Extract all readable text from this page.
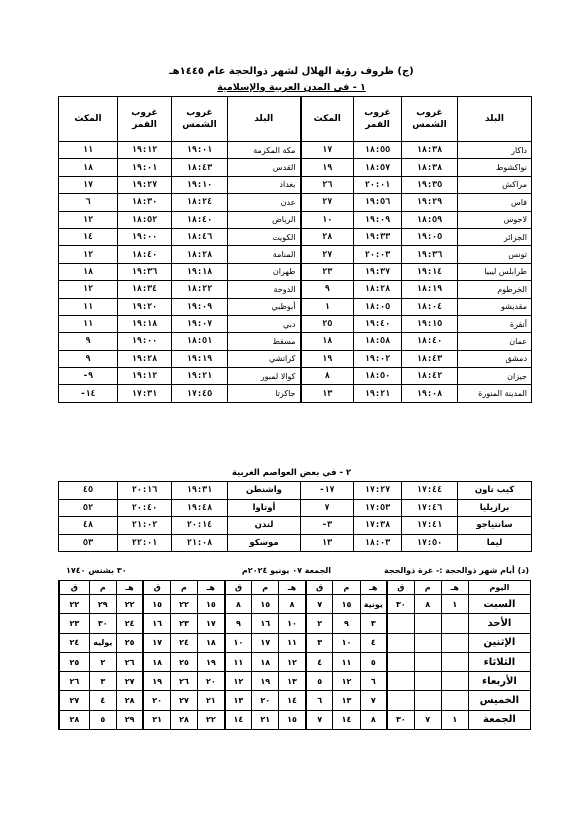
(ج) ظروف رؤية الهلال لشهر ذوالحجة عام ١٤٤٥هـ
١ - في المدن العربية والإسلامية
البلد	غروب الشمس	غروب القمر	المكث	البلد	غروب الشمس	غروب القمر	المكث
داكار	١٨:٣٨	١٨:٥٥	١٧	مكة المكرمة	١٩:٠١	١٩:١٢	١١
نواكشوط	١٨:٣٨	١٨:٥٧	١٩	القدس	١٨:٤٣	١٩:٠١	١٨
مراكش	١٩:٣٥	٢٠:٠١	٢٦	بغداد	١٩:١٠	١٩:٢٧	١٧
فاس	١٩:٢٩	١٩:٥٦	٢٧	عدن	١٨:٢٤	١٨:٣٠	٦
لاجوس	١٨:٥٩	١٩:٠٩	١٠	الرياض	١٨:٤٠	١٨:٥٢	١٢
الجزائر	١٩:٠٥	١٩:٣٣	٢٨	الكويت	١٨:٤٦	١٩:٠٠	١٤
تونس	١٩:٣٦	٢٠:٠٣	٢٧	المنامة	١٨:٢٨	١٨:٤٠	١٢
طرابلس ليبيا	١٩:١٤	١٩:٣٧	٢٣	طهران	١٩:١٨	١٩:٣٦	١٨
الخرطوم	١٨:١٩	١٨:٢٨	٩	الدوحة	١٨:٢٢	١٨:٣٤	١٢
مقديشو	١٨:٠٤	١٨:٠٥	١	أبوظبي	١٩:٠٩	١٩:٢٠	١١
أنقرة	١٩:١٥	١٩:٤٠	٢٥	دبي	١٩:٠٧	١٩:١٨	١١
عمان	١٨:٤٠	١٨:٥٨	١٨	مسقط	١٨:٥١	١٩:٠٠	٩
دمشق	١٨:٤٣	١٩:٠٢	١٩	كراتشي	١٩:١٩	١٩:٢٨	٩
جيزان	١٨:٤٢	١٨:٥٠	٨	كوالا لمبور	١٩:٢١	١٩:١٢	٩-
المدينة المنورة	١٩:٠٨	١٩:٢١	١٣	جاكرتا	١٧:٤٥	١٧:٣١	١٤-
٢ - في بعض العواصم الغربية
كيب تاون	١٧:٤٤	١٧:٢٧	١٧-	واشنطن	١٩:٣١	٢٠:١٦	٤٥
برازيليا	١٧:٤٦	١٧:٥٣	٧	أوتاوا	١٩:٤٨	٢٠:٤٠	٥٢
سانتياجو	١٧:٤١	١٧:٣٨	٣-	لندن	٢٠:١٤	٢١:٠٢	٤٨
ليما	١٧:٥٠	١٨:٠٣	١٣	موسكو	٢١:٠٨	٢٢:٠١	٥٣
(د) أيام شهر ذوالحجة :- غرة ذوالحجة
الجمعة ٠٧ يونيو ٢٠٢٤م
٣٠ بشنس ١٧٤٠
اليوم	هـ	م	ق	هـ	م	ق	هـ	م	ق	هـ	م	ق	هـ	م	ق
السبت	١	٨	٣٠	يونية	١٥	٧	٨	١٥	٨	١٥	٢٢	١٥	٢٢	٢٩	٢٢
الأحد				٣	٩	٢	١٠	١٦	٩	١٧	٢٣	١٦	٢٤	٣٠	٢٣
الإثنين				٤	١٠	٣	١١	١٧	١٠	١٨	٢٤	١٧	٢٥	يوليه	٢٤
الثلاثاء				٥	١١	٤	١٢	١٨	١١	١٩	٢٥	١٨	٢٦	٢	٢٥
الأربعاء				٦	١٢	٥	١٣	١٩	١٢	٢٠	٢٦	١٩	٢٧	٣	٢٦
الخميس				٧	١٣	٦	١٤	٢٠	١٣	٢١	٢٧	٢٠	٢٨	٤	٢٧
الجمعة	١	٧	٣٠	٨	١٤	٧	١٥	٢١	١٤	٢٢	٢٨	٢١	٢٩	٥	٢٨
